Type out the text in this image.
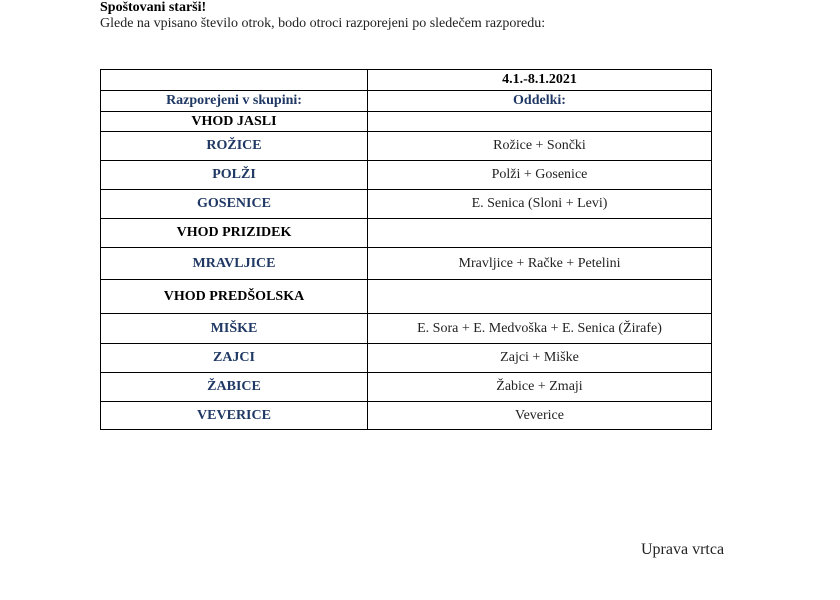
Spoštovani starši!
Glede na vpisano število otrok, bodo otroci razporejeni po sledečem razporedu:
	4.1.-8.1.2021
Razporejeni v skupini:	Oddelki:
VHOD JASLI	
ROŽICE	Rožice + Sončki
POLŽI	Polži + Gosenice
GOSENICE	E. Senica (Sloni + Levi)
VHOD PRIZIDEK	
MRAVLJICE	Mravljice + Račke + Petelini
VHOD PREDŠOLSKA	
MIŠKE	E. Sora + E. Medvoška + E. Senica (Žirafe)
ZAJCI	Zajci + Miške
ŽABICE	Žabice + Zmaji
VEVERICE	Veverice
Uprava vrtca
